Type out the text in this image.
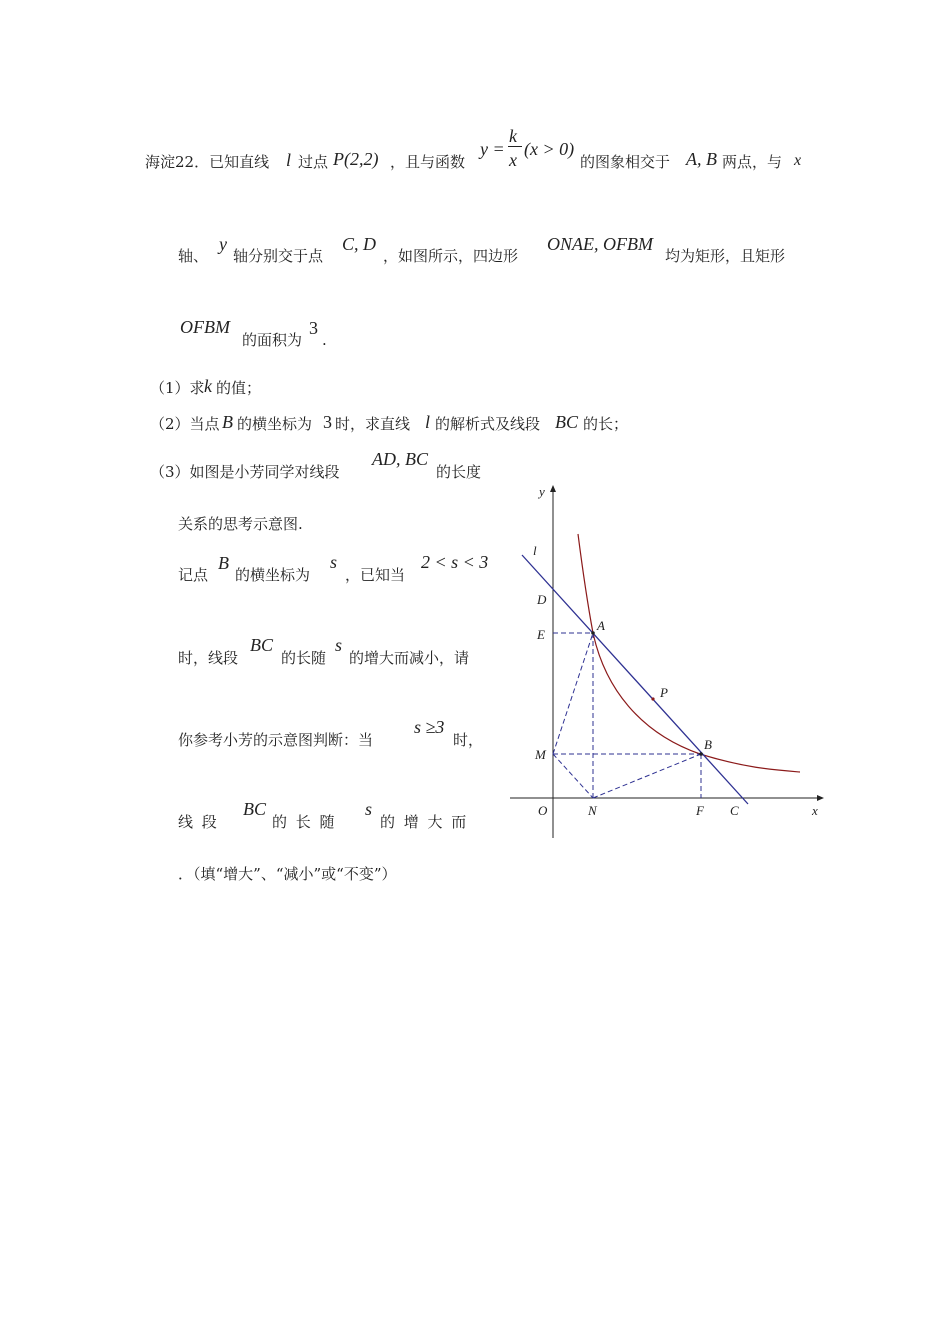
海淀22．已知直线 l 过点 P(2,2) ，且与函数
y =
k
x
(x > 0)
的图象相交于 A, B 两点，与 x
轴、
y
轴分别交于点
C, D
，如图所示，四边形
ONAE, OFBM
均为矩形，且矩形
OFBM
的面积为
3
.
（1）求 k 的值；
（2）当点 B 的横坐标为 3 时，求直线 l 的解析式及线段 BC 的长；
（3）如图是小芳同学对线段
AD, BC
的长度
关系的思考示意图.
记点
B
的横坐标为
s
，已知当
2 < s < 3
时，线段
BC
的长随
s
的增大而减小，请
你参考小芳的示意图判断：当
s ≥3
时，
线 段
BC
的 长 随
s
的 增 大 而
．（填“增大”、“减小”或“不变”）
y
x
l
D
E
A
P
M
B
O	N	F C
